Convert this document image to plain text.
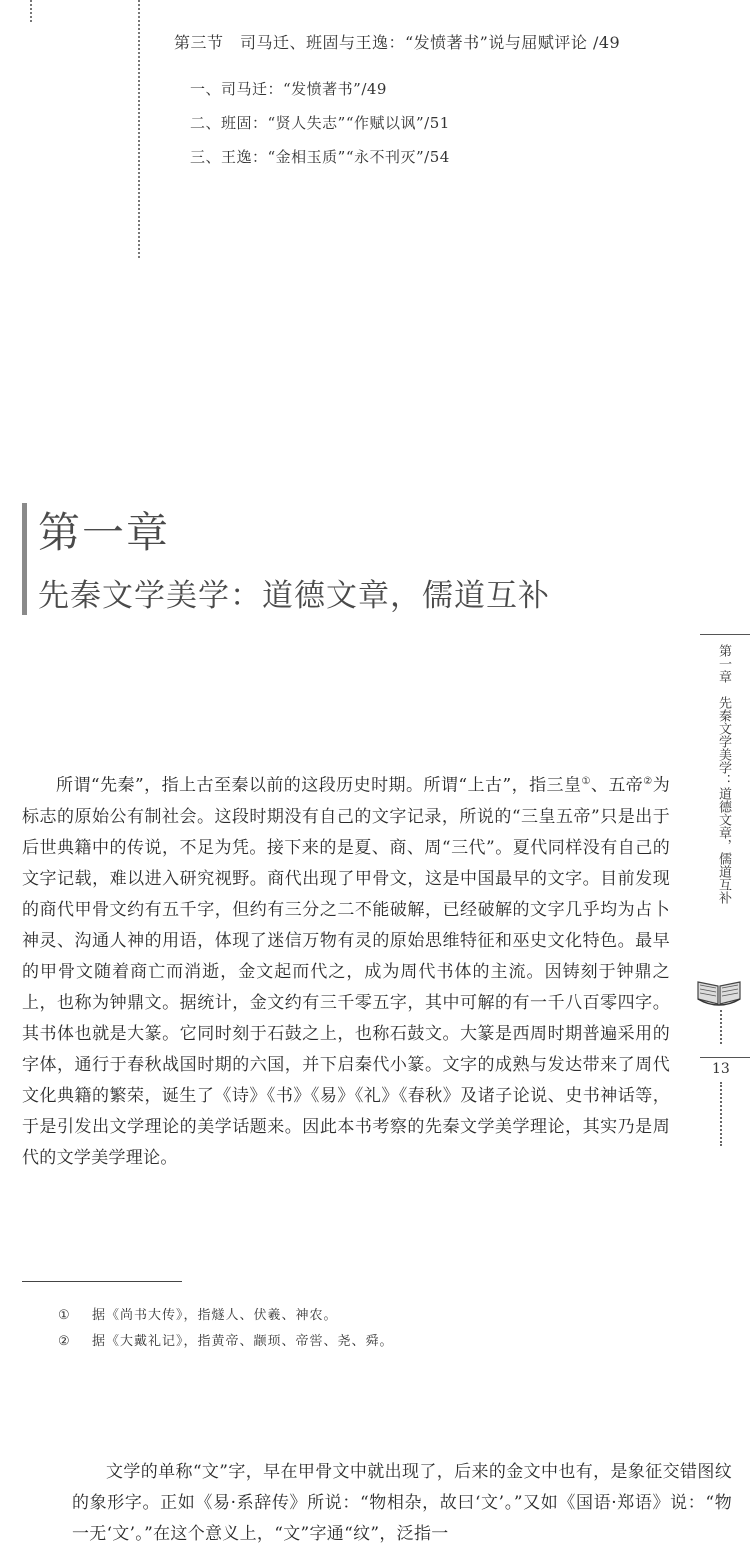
第三节　司马迁、班固与王逸：“发愤著书”说与屈赋评论 /49
一、司马迁：“发愤著书”/49
二、班固：“贤人失志”“作赋以讽”/51
三、王逸：“金相玉质”“永不刊灭”/54
第一章
先秦文学美学：道德文章，儒道互补
第一章　先秦文学美学：道德文章，儒道互补
13
所谓“先秦”，指上古至秦以前的这段历史时期。所谓“上古”，指三皇①、五帝②为标志的原始公有制社会。这段时期没有自己的文字记录，所说的“三皇五帝”只是出于后世典籍中的传说，不足为凭。接下来的是夏、商、周“三代”。夏代同样没有自己的文字记载，难以进入研究视野。商代出现了甲骨文，这是中国最早的文字。目前发现的商代甲骨文约有五千字，但约有三分之二不能破解，已经破解的文字几乎均为占卜神灵、沟通人神的用语，体现了迷信万物有灵的原始思维特征和巫史文化特色。最早的甲骨文随着商亡而消逝，金文起而代之，成为周代书体的主流。因铸刻于钟鼎之上，也称为钟鼎文。据统计，金文约有三千零五字，其中可解的有一千八百零四字。其书体也就是大篆。它同时刻于石鼓之上，也称石鼓文。大篆是西周时期普遍采用的字体，通行于春秋战国时期的六国，并下启秦代小篆。文字的成熟与发达带来了周代文化典籍的繁荣，诞生了《诗》《书》《易》《礼》《春秋》及诸子论说、史书神话等，于是引发出文学理论的美学话题来。因此本书考察的先秦文学美学理论，其实乃是周代的文学美学理论。
① 据《尚书大传》，指燧人、伏羲、神农。
② 据《大戴礼记》，指黄帝、颛顼、帝喾、尧、舜。
文学的单称“文”字，早在甲骨文中就出现了，后来的金文中也有，是象征交错图纹的象形字。正如《易·系辞传》所说：“物相杂，故曰‘文’。”又如《国语·郑语》说：“物一无‘文’。”在这个意义上，“文”字通“纹”，泛指一
